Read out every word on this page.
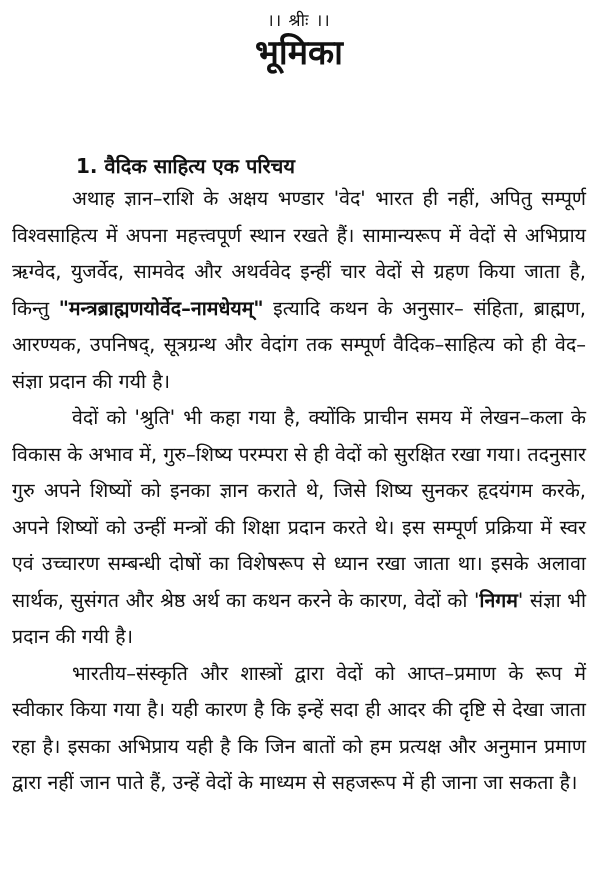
।। श्रीः ।।
भूमिका
1. वैदिक साहित्य एक परिचय

अथाह ज्ञान–राशि के अक्षय भण्डार 'वेद' भारत ही नहीं, अपितु सम्पूर्ण विश्वसाहित्य में अपना महत्त्वपूर्ण स्थान रखते हैं। सामान्यरूप में वेदों से अभिप्राय ऋग्वेद, युजर्वेद, सामवेद और अथर्ववेद इन्हीं चार वेदों से ग्रहण किया जाता है, किन्तु "मन्त्रब्राह्मणयोर्वेद–नामधेयम्" इत्यादि कथन के अनुसार– संहिता, ब्राह्मण, आरण्यक, उपनिषद्, सूत्रग्रन्थ और वेदांग तक सम्पूर्ण वैदिक–साहित्य को ही वेद–संज्ञा प्रदान की गयी है।

वेदों को 'श्रुति' भी कहा गया है, क्योंकि प्राचीन समय में लेखन–कला के विकास के अभाव में, गुरु–शिष्य परम्परा से ही वेदों को सुरक्षित रखा गया। तदनुसार गुरु अपने शिष्यों को इनका ज्ञान कराते थे, जिसे शिष्य सुनकर हृदयंगम करके, अपने शिष्यों को उन्हीं मन्त्रों की शिक्षा प्रदान करते थे। इस सम्पूर्ण प्रक्रिया में स्वर एवं उच्चारण सम्बन्धी दोषों का विशेषरूप से ध्यान रखा जाता था। इसके अलावा सार्थक, सुसंगत और श्रेष्ठ अर्थ का कथन करने के कारण, वेदों को 'निगम' संज्ञा भी प्रदान की गयी है।

भारतीय–संस्कृति और शास्त्रों द्वारा वेदों को आप्त–प्रमाण के रूप में स्वीकार किया गया है। यही कारण है कि इन्हें सदा ही आदर की दृष्टि से देखा जाता रहा है। इसका अभिप्राय यही है कि जिन बातों को हम प्रत्यक्ष और अनुमान प्रमाण द्वारा नहीं जान पाते हैं, उन्हें वेदों के माध्यम से सहजरूप में ही जाना जा सकता है।
